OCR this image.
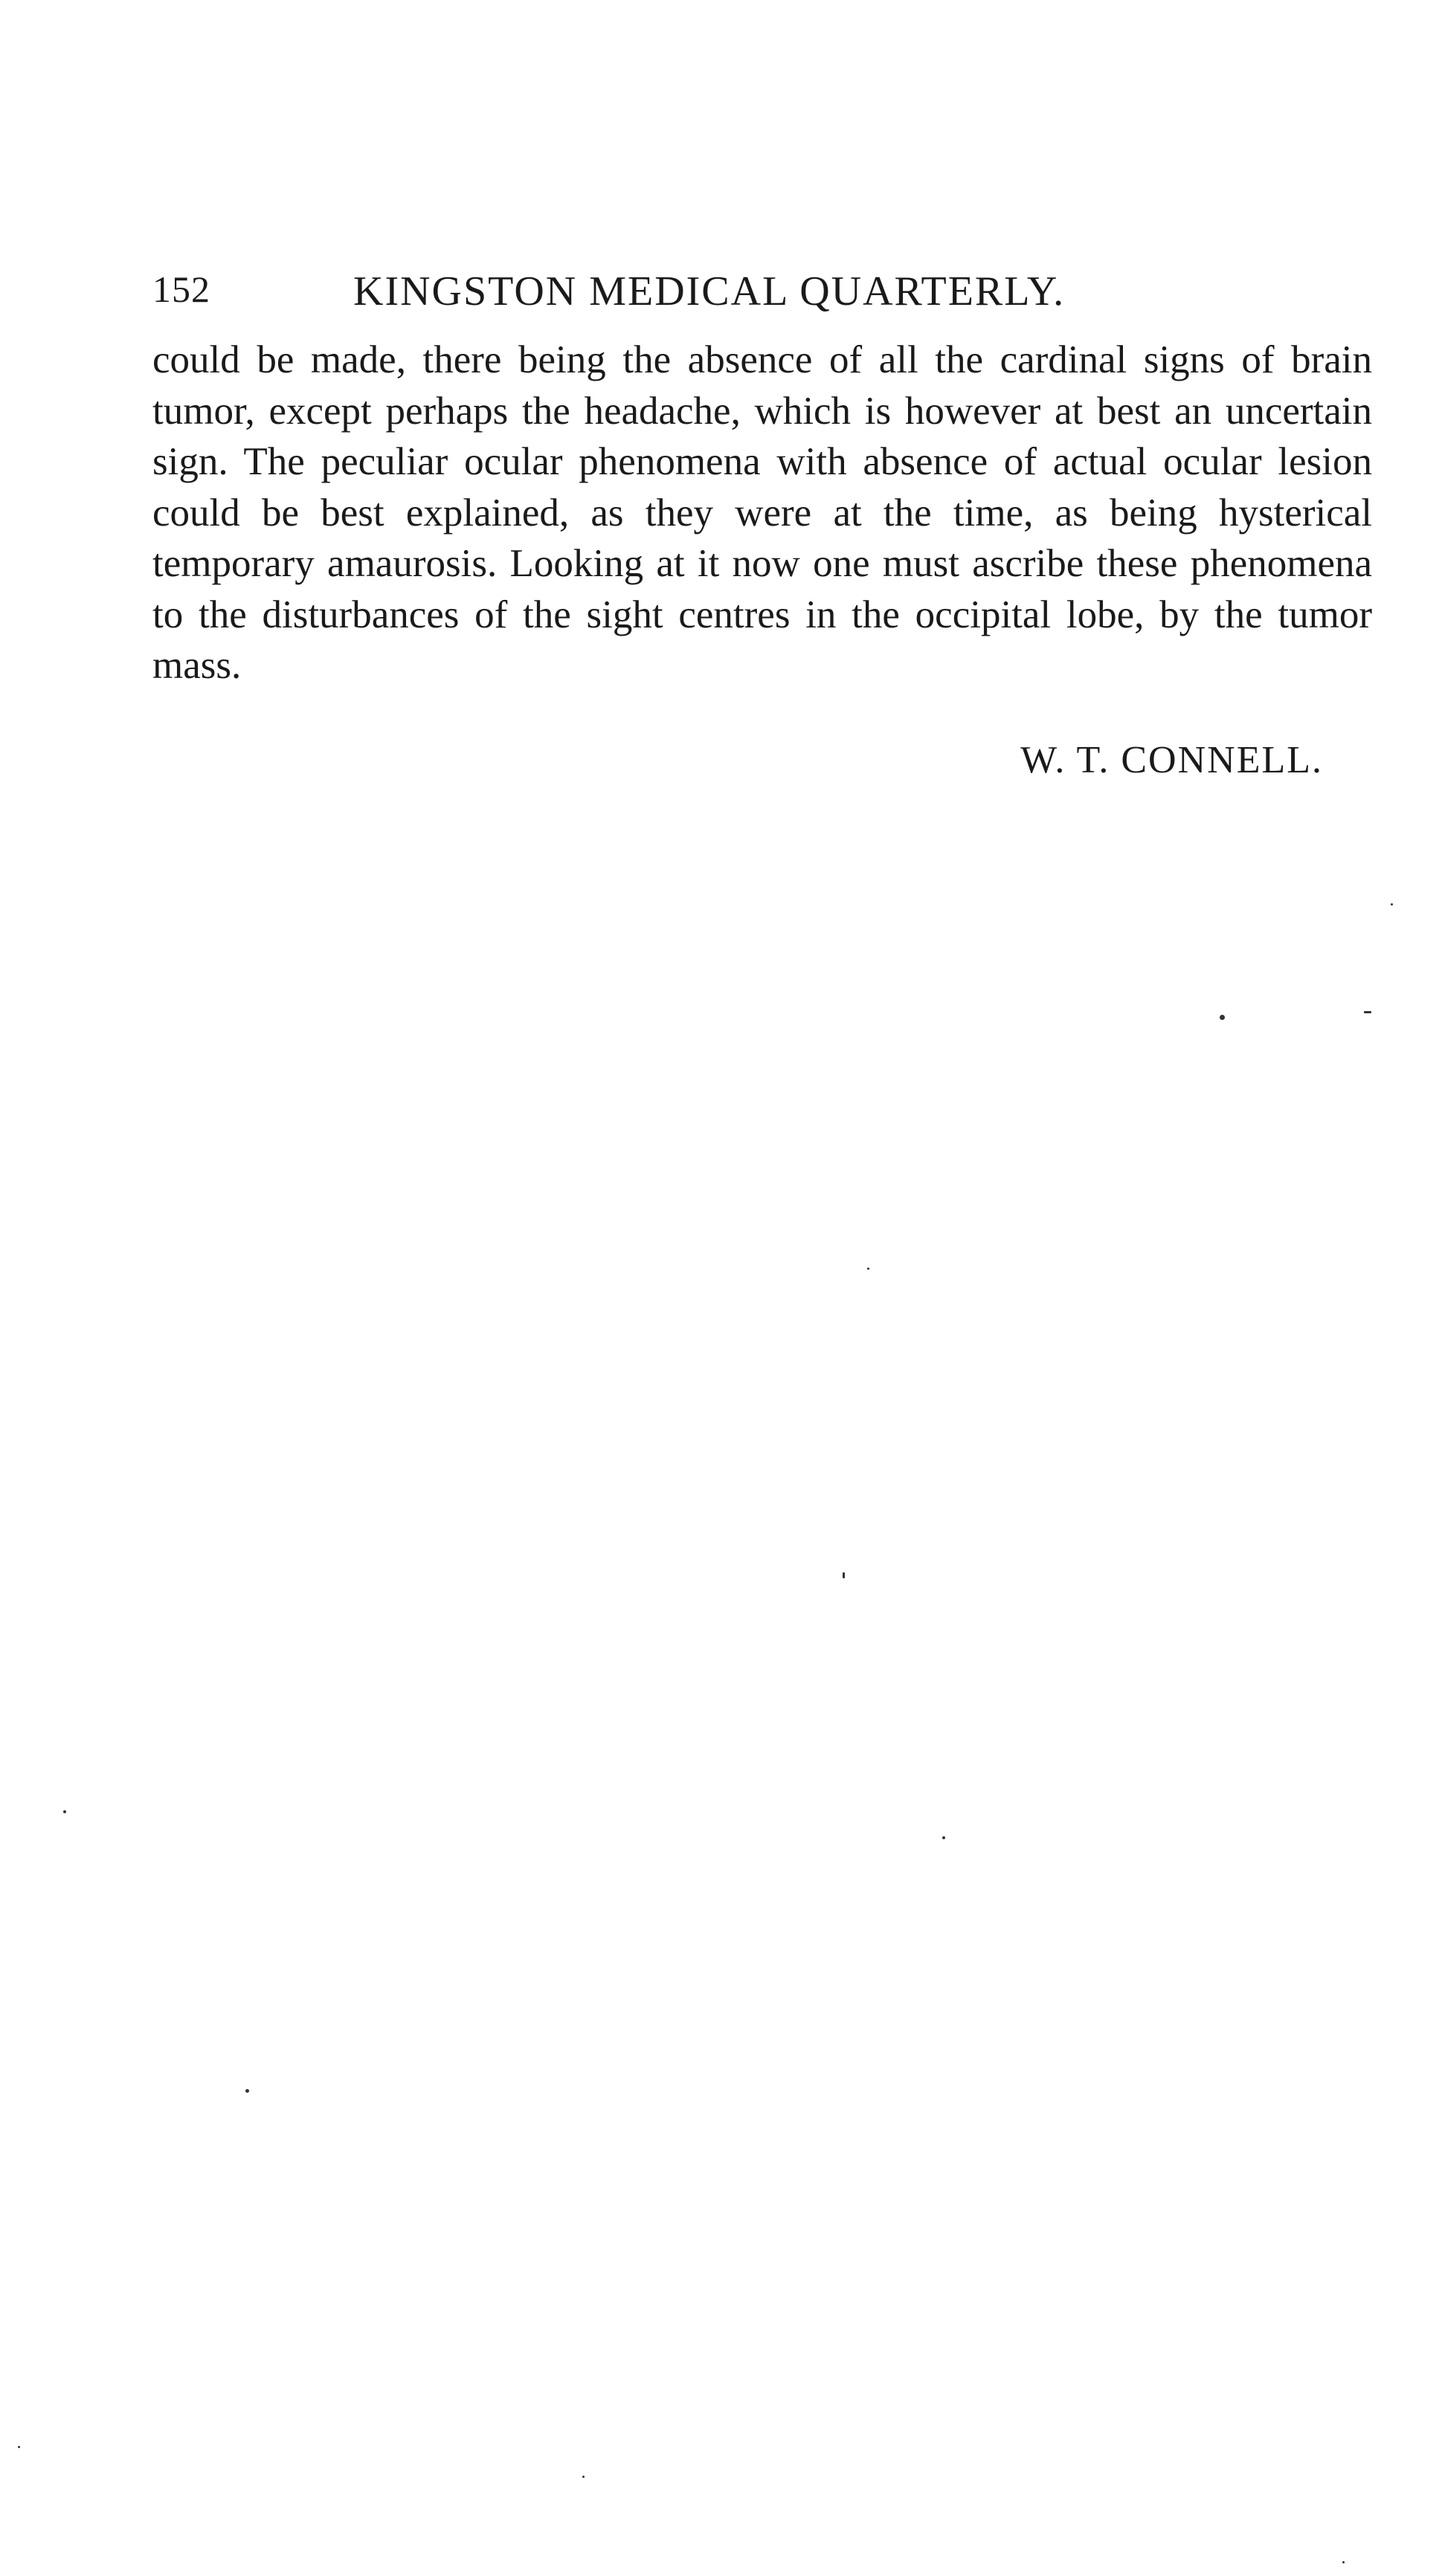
152	KINGSTON MEDICAL QUARTERLY.

could be made, there being the absence of all the cardinal signs of brain tumor, except perhaps the headache, which is however at best an uncertain sign. The peculiar ocular phenomena with absence of actual ocular lesion could be best explained, as they were at the time, as being hysterical temporary amaurosis. Looking at it now one must ascribe these phenomena to the disturbances of the sight centres in the occipital lobe, by the tumor mass.

W. T. CONNELL.
